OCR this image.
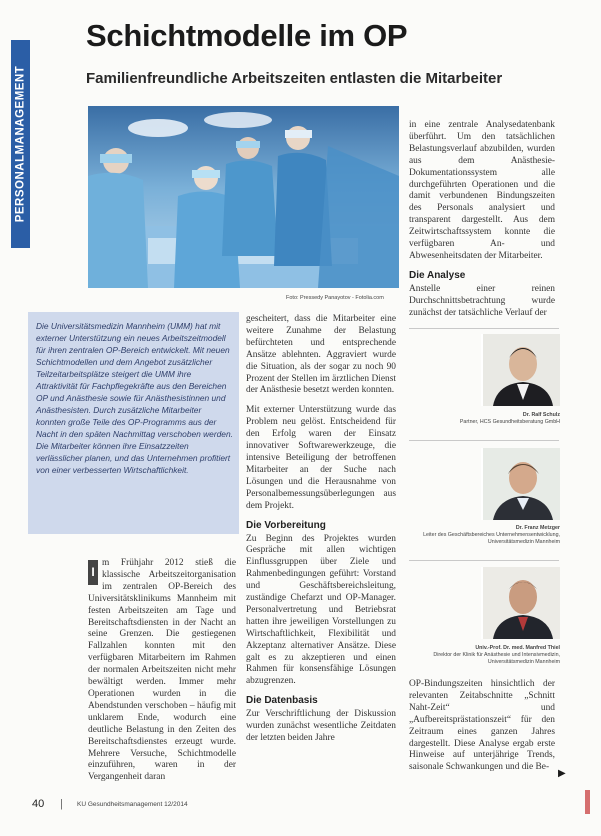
PERSONALMANAGEMENT
Schichtmodelle im OP
Familienfreundliche Arbeitszeiten entlasten die Mitarbeiter
Foto: Pressedy Panayotov - Fotolia.com

Die Universitätsmedizin Mannheim (UMM) hat mit externer Unterstützung ein neues Arbeitszeitmodell für ihren zentralen OP-Bereich entwickelt. Mit neuen Schichtmodellen und dem Angebot zusätzlicher Teilzeitarbeitsplätze steigert die UMM ihre Attraktivität für Fachpflegekräfte aus den Bereichen OP und Anästhesie sowie für Anästhesistinnen und Anästhesisten. Durch zusätzliche Mitarbeiter konnten große Teile des OP-Programms aus der Nacht in den späten Nachmittag verschoben werden. Die Mitarbeiter können ihre Einsatzzeiten verlässlicher planen, und das Unternehmen profitiert von einer verbesserten Wirtschaftlichkeit.

I

m Frühjahr 2012 stieß die klassische Arbeitszeitorganisation im zentralen OP-Bereich des Universitätsklinikums Mannheim mit festen Arbeitszeiten am Tage und Bereitschaftsdiensten in der Nacht an seine Grenzen. Die gestiegenen Fallzahlen konnten mit den verfügbaren Mitarbeitern im Rahmen der normalen Arbeitszeiten nicht mehr bewältigt werden. Immer mehr Operationen wurden in die Abendstunden verschoben – häufig mit unklarem Ende, wodurch eine deutliche Belastung in den Zeiten des Bereitschaftsdienstes erzeugt wurde. Mehrere Versuche, Schichtmodelle einzuführen, waren in der Vergangenheit daran

gescheitert, dass die Mitarbeiter eine weitere Zunahme der Belastung befürchteten und entsprechende Ansätze ablehnten. Aggraviert wurde die Situation, als der sogar zu noch 90 Prozent der Stellen im ärztlichen Dienst der Anästhesie besetzt werden konnten.

Mit externer Unterstützung wurde das Problem neu gelöst. Entscheidend für den Erfolg waren der Einsatz innovativer Softwarewerkzeuge, die intensive Beteiligung der betroffenen Mitarbeiter an der Suche nach Lösungen und die Herausnahme von Personalbemessungsüberlegungen aus dem Projekt.

Die Vorbereitung

Zu Beginn des Projektes wurden Gespräche mit allen wichtigen Einflussgruppen über Ziele und Rahmenbedingungen geführt: Vorstand und Geschäftsbereichsleitung, zuständige Chefarzt und OP-Manager. Personalvertretung und Betriebsrat hatten ihre jeweiligen Vorstellungen zu Wirtschaftlichkeit, Flexibilität und Akzeptanz alternativer Ansätze. Diese galt es zu akzeptieren und einen Rahmen für konsensfähige Lösungen abzugrenzen.

Die Datenbasis

Zur Verschriftlichung der Diskussion wurden zunächst wesentliche Zeitdaten der letzten beiden Jahre

in eine zentrale Analysedatenbank überführt. Um den tatsächlichen Belastungsverlauf abzubilden, wurden aus dem Anästhesie-Dokumentationssystem alle durchgeführten Operationen und die damit verbundenen Bindungszeiten des Personals analysiert und transparent dargestellt. Aus dem Zeitwirtschaftssystem konnte die verfügbaren An- und Abwesenheitsdaten der Mitarbeiter.

Die Analyse

Anstelle einer reinen Durchschnittsbetrachtung wurde zunächst der tatsächliche Verlauf der

Dr. Ralf Schulz
Partner, HCS Gesundheitsberatung GmbH
Dr. Franz Metzger
Leiter des Geschäftsbereiches Unternehmensentwicklung, Universitätsmedizin Mannheim
Univ.-Prof. Dr. med. Manfred Thiel
Direktor der Klinik für Anästhesie und Intensivmedizin, Universitätsmedizin Mannheim

OP-Bindungszeiten hinsichtlich der relevanten Zeitabschnitte „Schnitt Naht-Zeit“ und „Aufbereitsprästationszeit“ für den Zeitraum eines ganzen Jahres dargestellt. Diese Analyse ergab erste Hinweise auf unterjährige Trends, saisonale Schwankungen und die Be-

▶
40 | KU Gesundheitsmanagement 12/2014
